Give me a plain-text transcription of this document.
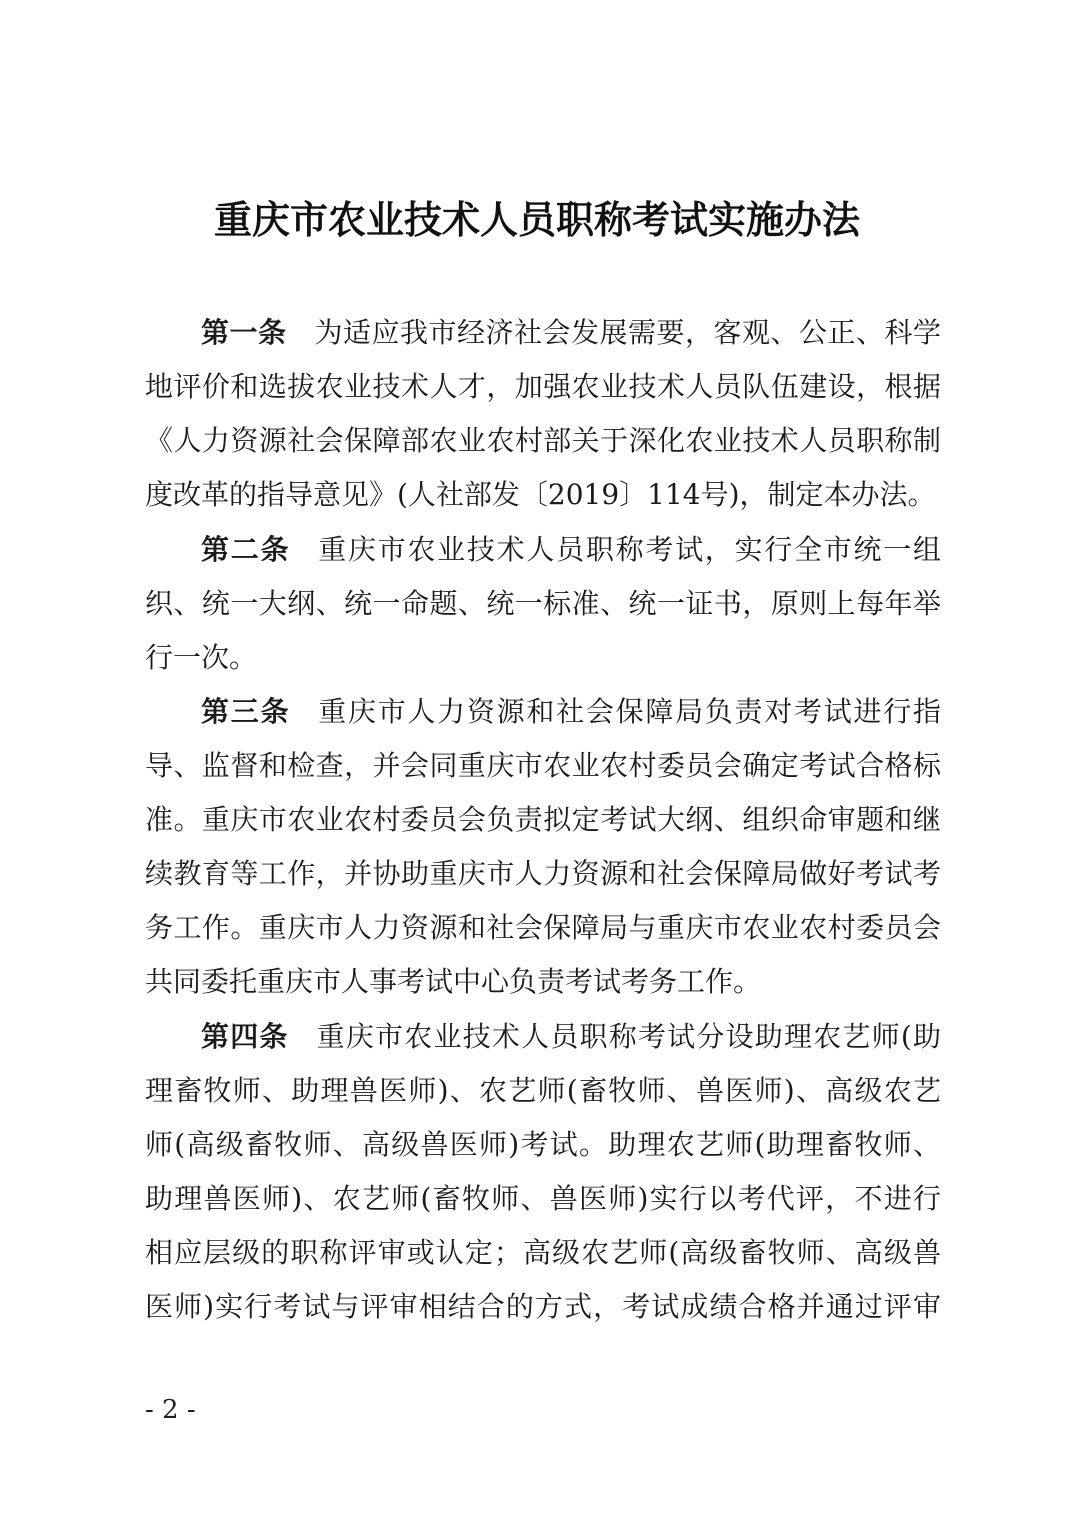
重庆市农业技术人员职称考试实施办法
第一条 为适应我市经济社会发展需要，客观、公正、科学
地评价和选拔农业技术人才，加强农业技术人员队伍建设，根据
《人力资源社会保障部农业农村部关于深化农业技术人员职称制
度改革的指导意见》(人社部发〔2019〕114号)，制定本办法。
第二条 重庆市农业技术人员职称考试，实行全市统一组
织、统一大纲、统一命题、统一标准、统一证书，原则上每年举
行一次。
第三条 重庆市人力资源和社会保障局负责对考试进行指
导、监督和检查，并会同重庆市农业农村委员会确定考试合格标
准。重庆市农业农村委员会负责拟定考试大纲、组织命审题和继
续教育等工作，并协助重庆市人力资源和社会保障局做好考试考
务工作。重庆市人力资源和社会保障局与重庆市农业农村委员会
共同委托重庆市人事考试中心负责考试考务工作。
第四条 重庆市农业技术人员职称考试分设助理农艺师(助
理畜牧师、助理兽医师)、农艺师(畜牧师、兽医师)、高级农艺
师(高级畜牧师、高级兽医师)考试。助理农艺师(助理畜牧师、
助理兽医师)、农艺师(畜牧师、兽医师)实行以考代评，不进行
相应层级的职称评审或认定；高级农艺师(高级畜牧师、高级兽
医师)实行考试与评审相结合的方式，考试成绩合格并通过评审
- 2 -
